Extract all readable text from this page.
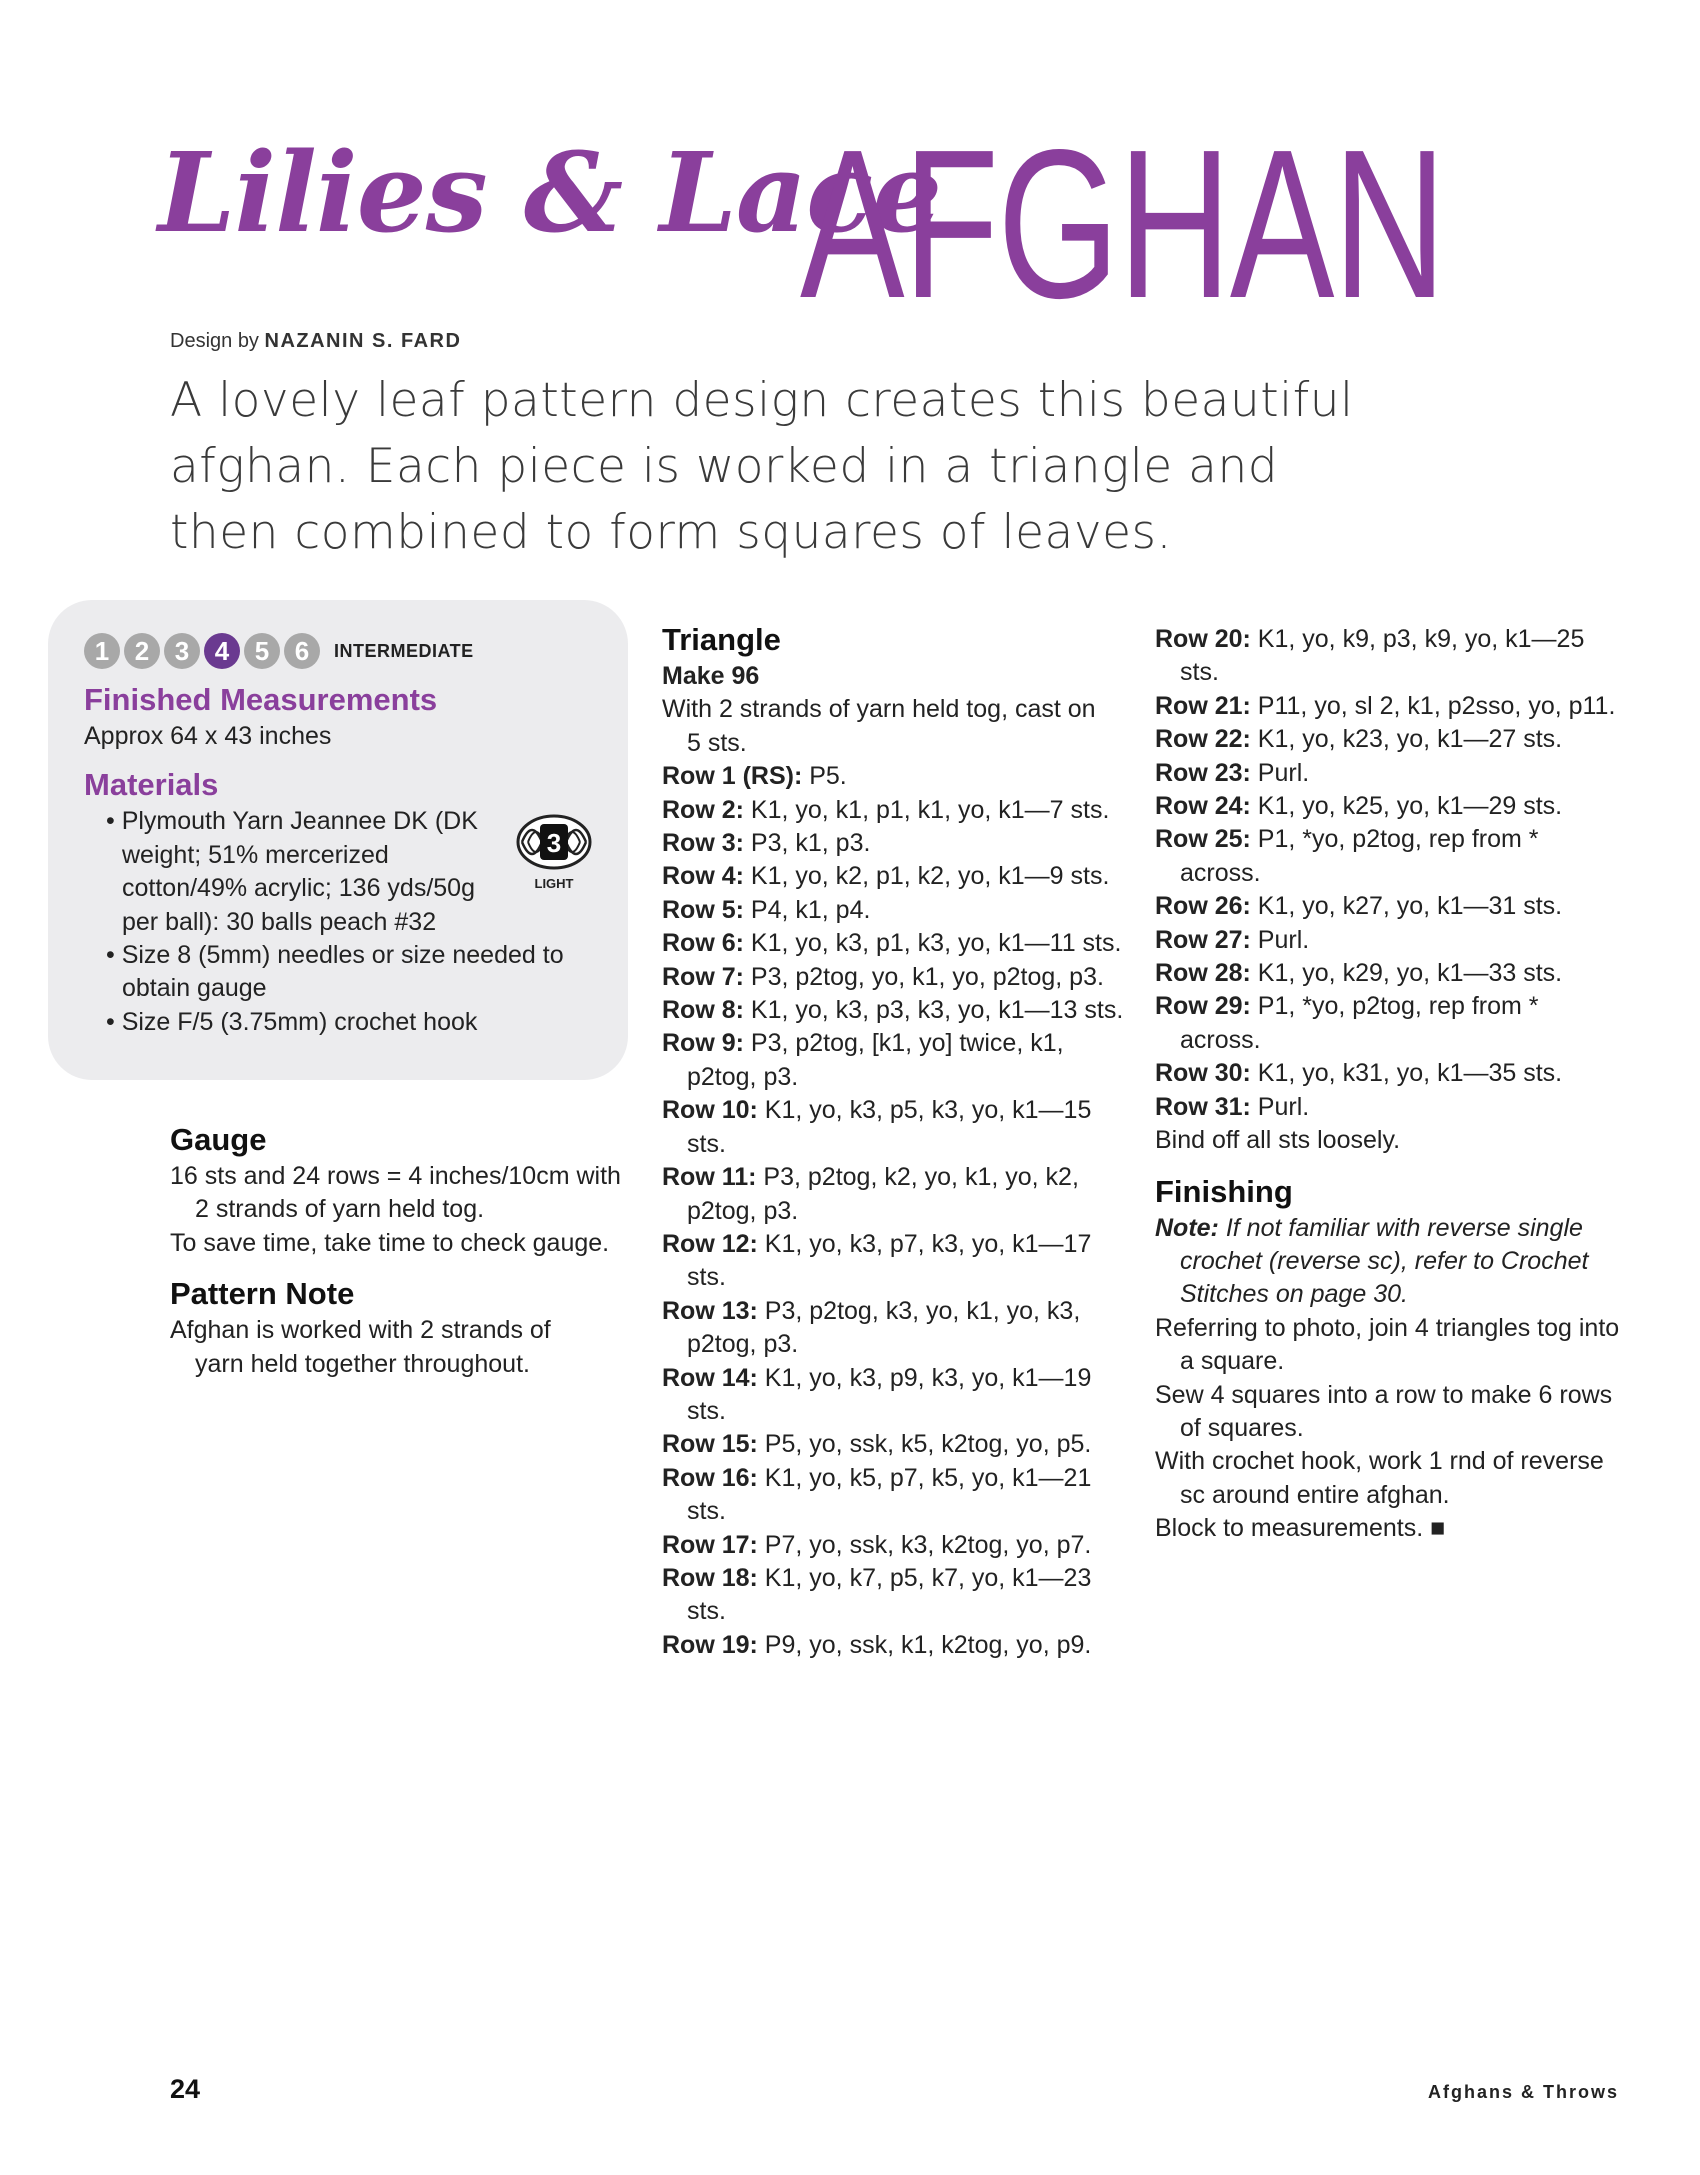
Lilies & Lace
AFGHAN
Design by NAZANIN S. FARD
A lovely leaf pattern design creates this beautiful afghan. Each piece is worked in a triangle and then combined to form squares of leaves.
1 2 3 4 5 6	INTERMEDIATE
Finished Measurements
Approx 64 x 43 inches
Materials
• Plymouth Yarn Jeannee DK (DK weight; 51% mercerized cotton/49% acrylic; 136 yds/50g per ball): 30 balls peach #32
• Size 8 (5mm) needles or size needed to obtain gauge
• Size F/5 (3.75mm) crochet hook
3
LIGHT
Gauge
16 sts and 24 rows = 4 inches/10cm with 2 strands of yarn held tog.
To save time, take time to check gauge.
Pattern Note
Afghan is worked with 2 strands of yarn held together throughout.
Triangle
Make 96
With 2 strands of yarn held tog, cast on 5 sts.
Row 1 (RS): P5.
Row 2: K1, yo, k1, p1, k1, yo, k1—7 sts.
Row 3: P3, k1, p3.
Row 4: K1, yo, k2, p1, k2, yo, k1—9 sts.
Row 5: P4, k1, p4.
Row 6: K1, yo, k3, p1, k3, yo, k1—11 sts.
Row 7: P3, p2tog, yo, k1, yo, p2tog, p3.
Row 8: K1, yo, k3, p3, k3, yo, k1—13 sts.
Row 9: P3, p2tog, [k1, yo] twice, k1, p2tog, p3.
Row 10: K1, yo, k3, p5, k3, yo, k1—15 sts.
Row 11: P3, p2tog, k2, yo, k1, yo, k2, p2tog, p3.
Row 12: K1, yo, k3, p7, k3, yo, k1—17 sts.
Row 13: P3, p2tog, k3, yo, k1, yo, k3, p2tog, p3.
Row 14: K1, yo, k3, p9, k3, yo, k1—19 sts.
Row 15: P5, yo, ssk, k5, k2tog, yo, p5.
Row 16: K1, yo, k5, p7, k5, yo, k1—21 sts.
Row 17: P7, yo, ssk, k3, k2tog, yo, p7.
Row 18: K1, yo, k7, p5, k7, yo, k1—23 sts.
Row 19: P9, yo, ssk, k1, k2tog, yo, p9.
Row 20: K1, yo, k9, p3, k9, yo, k1—25 sts.
Row 21: P11, yo, sl 2, k1, p2sso, yo, p11.
Row 22: K1, yo, k23, yo, k1—27 sts.
Row 23: Purl.
Row 24: K1, yo, k25, yo, k1—29 sts.
Row 25: P1, *yo, p2tog, rep from * across.
Row 26: K1, yo, k27, yo, k1—31 sts.
Row 27: Purl.
Row 28: K1, yo, k29, yo, k1—33 sts.
Row 29: P1, *yo, p2tog, rep from * across.
Row 30: K1, yo, k31, yo, k1—35 sts.
Row 31: Purl.
Bind off all sts loosely.
Finishing
Note: If not familiar with reverse single crochet (reverse sc), refer to Crochet Stitches on page 30.
Referring to photo, join 4 triangles tog into a square.
Sew 4 squares into a row to make 6 rows of squares.
With crochet hook, work 1 rnd of reverse sc around entire afghan.
Block to measurements. ■
24	Afghans & Throws
